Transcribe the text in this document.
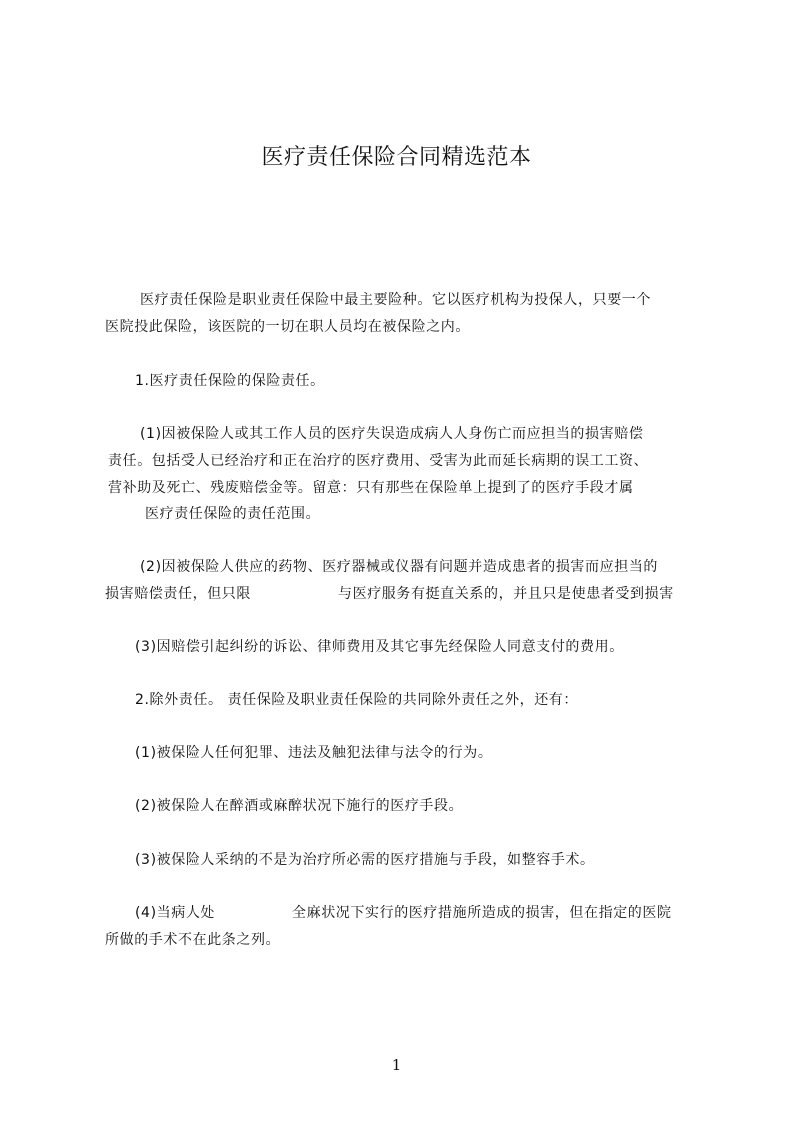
医疗责任保险合同精选范本
医疗责任保险是职业责任保险中最主要险种。它以医疗机构为投保人，只要一个
医院投此保险，该医院的一切在职人员均在被保险之内。
1.医疗责任保险的保险责任。
(1)因被保险人或其工作人员的医疗失误造成病人人身伤亡而应担当的损害赔偿
责任。包括受人已经治疗和正在治疗的医疗费用、受害为此而延长病期的误工工资、
营补助及死亡、残废赔偿金等。留意：只有那些在保险单上提到了的医疗手段才属
医疗责任保险的责任范围。
(2)因被保险人供应的药物、医疗器械或仪器有问题并造成患者的损害而应担当的
损害赔偿责任，但只限	与医疗服务有挺直关系的，并且只是使患者受到损害
(3)因赔偿引起纠纷的诉讼、律师费用及其它事先经保险人同意支付的费用。
2.除外责任。 责任保险及职业责任保险的共同除外责任之外，还有：
(1)被保险人任何犯罪、违法及触犯法律与法令的行为。
(2)被保险人在醉酒或麻醉状况下施行的医疗手段。
(3)被保险人采纳的不是为治疗所必需的医疗措施与手段，如整容手术。
(4)当病人处	全麻状况下实行的医疗措施所造成的损害，但在指定的医院
所做的手术不在此条之列。
1
